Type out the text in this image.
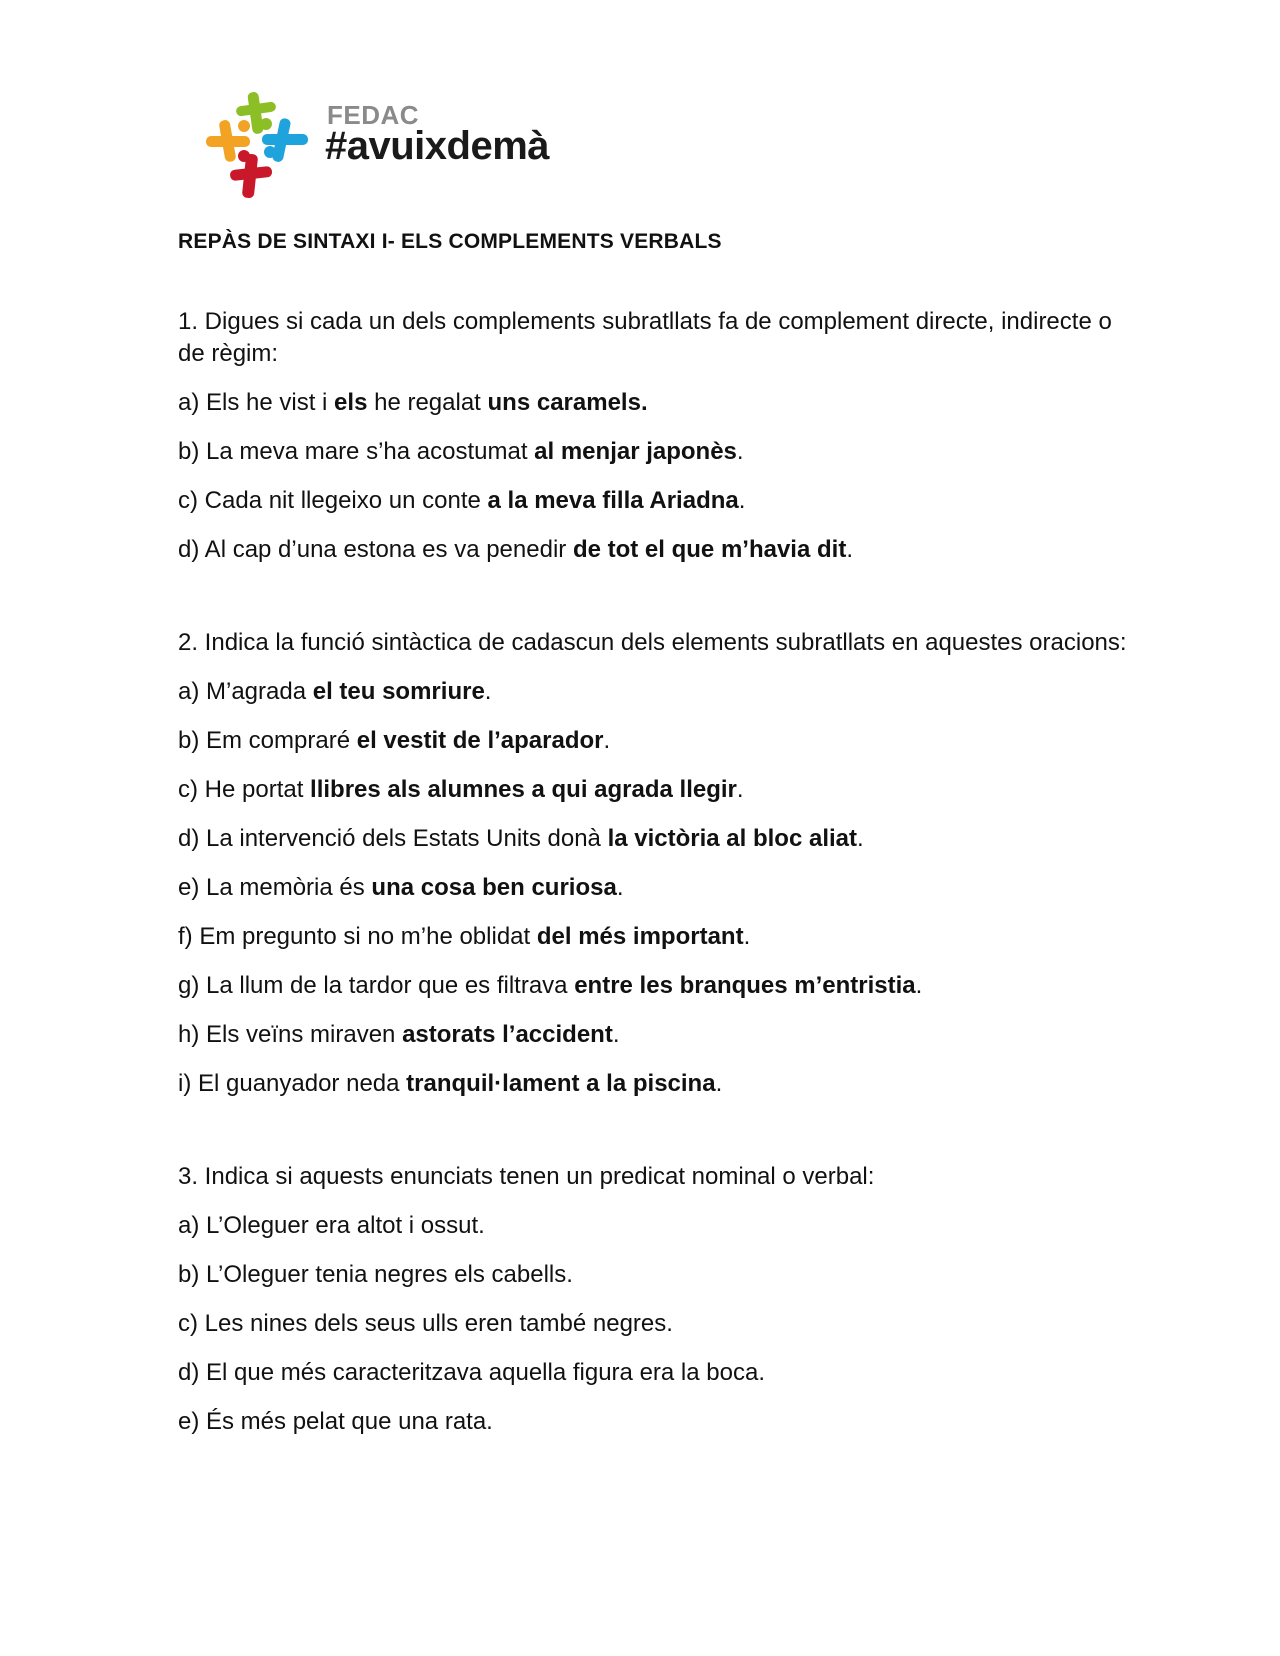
FEDAC
#avuixdemà
REPÀS DE SINTAXI I- ELS COMPLEMENTS VERBALS
1. Digues si cada un dels complements subratllats fa de complement directe, indirecte o de règim:
a) Els he vist i els he regalat uns caramels.
b) La meva mare s’ha acostumat al menjar japonès.
c) Cada nit llegeixo un conte a la meva filla Ariadna.
d) Al cap d’una estona es va penedir de tot el que m’havia dit.
2. Indica la funció sintàctica de cadascun dels elements subratllats en aquestes oracions:
a) M’agrada el teu somriure.
b) Em compraré el vestit de l’aparador.
c) He portat llibres als alumnes a qui agrada llegir.
d) La intervenció dels Estats Units donà la victòria al bloc aliat.
e) La memòria és una cosa ben curiosa.
f) Em pregunto si no m’he oblidat del més important.
g) La llum de la tardor que es filtrava entre les branques m’entristia.
h) Els veïns miraven astorats l’accident.
i) El guanyador neda tranquil·lament a la piscina.
3. Indica si aquests enunciats tenen un predicat nominal o verbal:
a) L’Oleguer era altot i ossut.
b) L’Oleguer tenia negres els cabells.
c) Les nines dels seus ulls eren també negres.
d) El que més caracteritzava aquella figura era la boca.
e) És més pelat que una rata.
